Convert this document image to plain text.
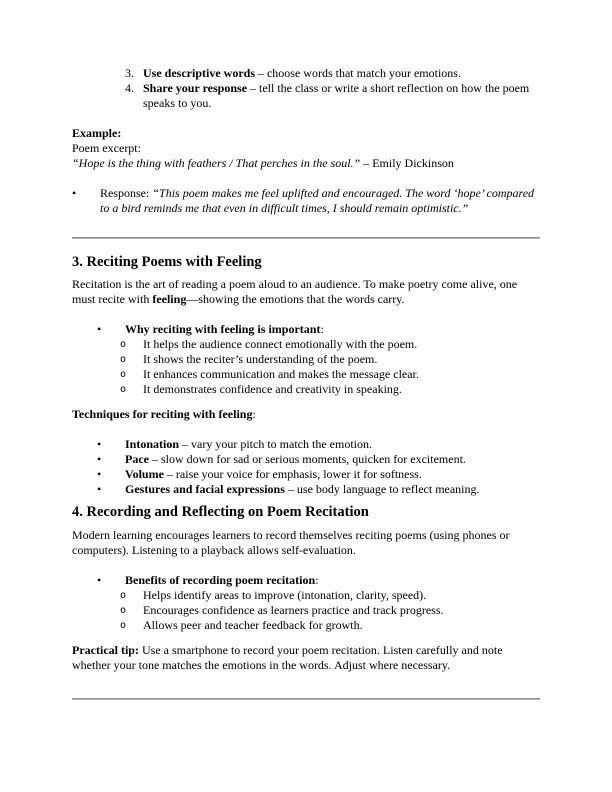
3. Use descriptive words – choose words that match your emotions.
4. Share your response – tell the class or write a short reflection on how the poem speaks to you.
Example:
Poem excerpt:
“Hope is the thing with feathers / That perches in the soul.” – Emily Dickinson
•	Response: “This poem makes me feel uplifted and encouraged. The word ‘hope’ compared to a bird reminds me that even in difficult times, I should remain optimistic.”
3. Reciting Poems with Feeling
Recitation is the art of reading a poem aloud to an audience. To make poetry come alive, one must recite with feeling—showing the emotions that the words carry.
•	Why reciting with feeling is important:
o	It helps the audience connect emotionally with the poem.
o	It shows the reciter’s understanding of the poem.
o	It enhances communication and makes the message clear.
o	It demonstrates confidence and creativity in speaking.
Techniques for reciting with feeling:
•	Intonation – vary your pitch to match the emotion.
•	Pace – slow down for sad or serious moments, quicken for excitement.
•	Volume – raise your voice for emphasis, lower it for softness.
•	Gestures and facial expressions – use body language to reflect meaning.
4. Recording and Reflecting on Poem Recitation
Modern learning encourages learners to record themselves reciting poems (using phones or computers). Listening to a playback allows self-evaluation.
•	Benefits of recording poem recitation:
o	Helps identify areas to improve (intonation, clarity, speed).
o	Encourages confidence as learners practice and track progress.
o	Allows peer and teacher feedback for growth.
Practical tip: Use a smartphone to record your poem recitation. Listen carefully and note whether your tone matches the emotions in the words. Adjust where necessary.
